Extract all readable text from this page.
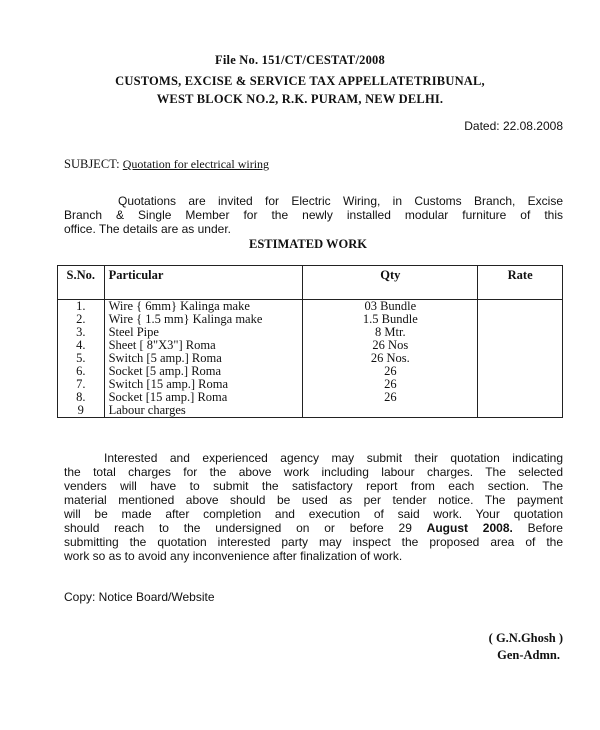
File No. 151/CT/CESTAT/2008
CUSTOMS, EXCISE & SERVICE TAX APPELLATETRIBUNAL,
WEST BLOCK NO.2, R.K. PURAM, NEW DELHI.
Dated: 22.08.2008
SUBJECT: Quotation for electrical wiring
Quotations are invited for Electric Wiring, in Customs Branch, Excise
Branch & Single Member for the newly installed modular furniture of this
office. The details are as under.
ESTIMATED WORK
S.No.	Particular	Qty	Rate
1.	Wire { 6mm} Kalinga make	03 Bundle	
2.	Wire { 1.5 mm} Kalinga make	1.5 Bundle	
3.	Steel Pipe	8 Mtr.	
4.	Sheet [ 8"X3"] Roma	26 Nos	
5.	Switch [5 amp.] Roma	26 Nos.	
6.	Socket [5 amp.] Roma	26	
7.	Switch [15 amp.] Roma	26	
8.	Socket [15 amp.] Roma	26	
9	Labour charges		
Interested and experienced agency may submit their quotation indicating
the total charges for the above work including labour charges. The selected
venders will have to submit the satisfactory report from each section. The
material mentioned above should be used as per tender notice. The payment
will be made after completion and execution of said work. Your quotation
should reach to the undersigned on or before 29 August 2008. Before
submitting the quotation interested party may inspect the proposed area of the
work so as to avoid any inconvenience after finalization of work.
Copy: Notice Board/Website
( G.N.Ghosh )
Gen-Admn.
